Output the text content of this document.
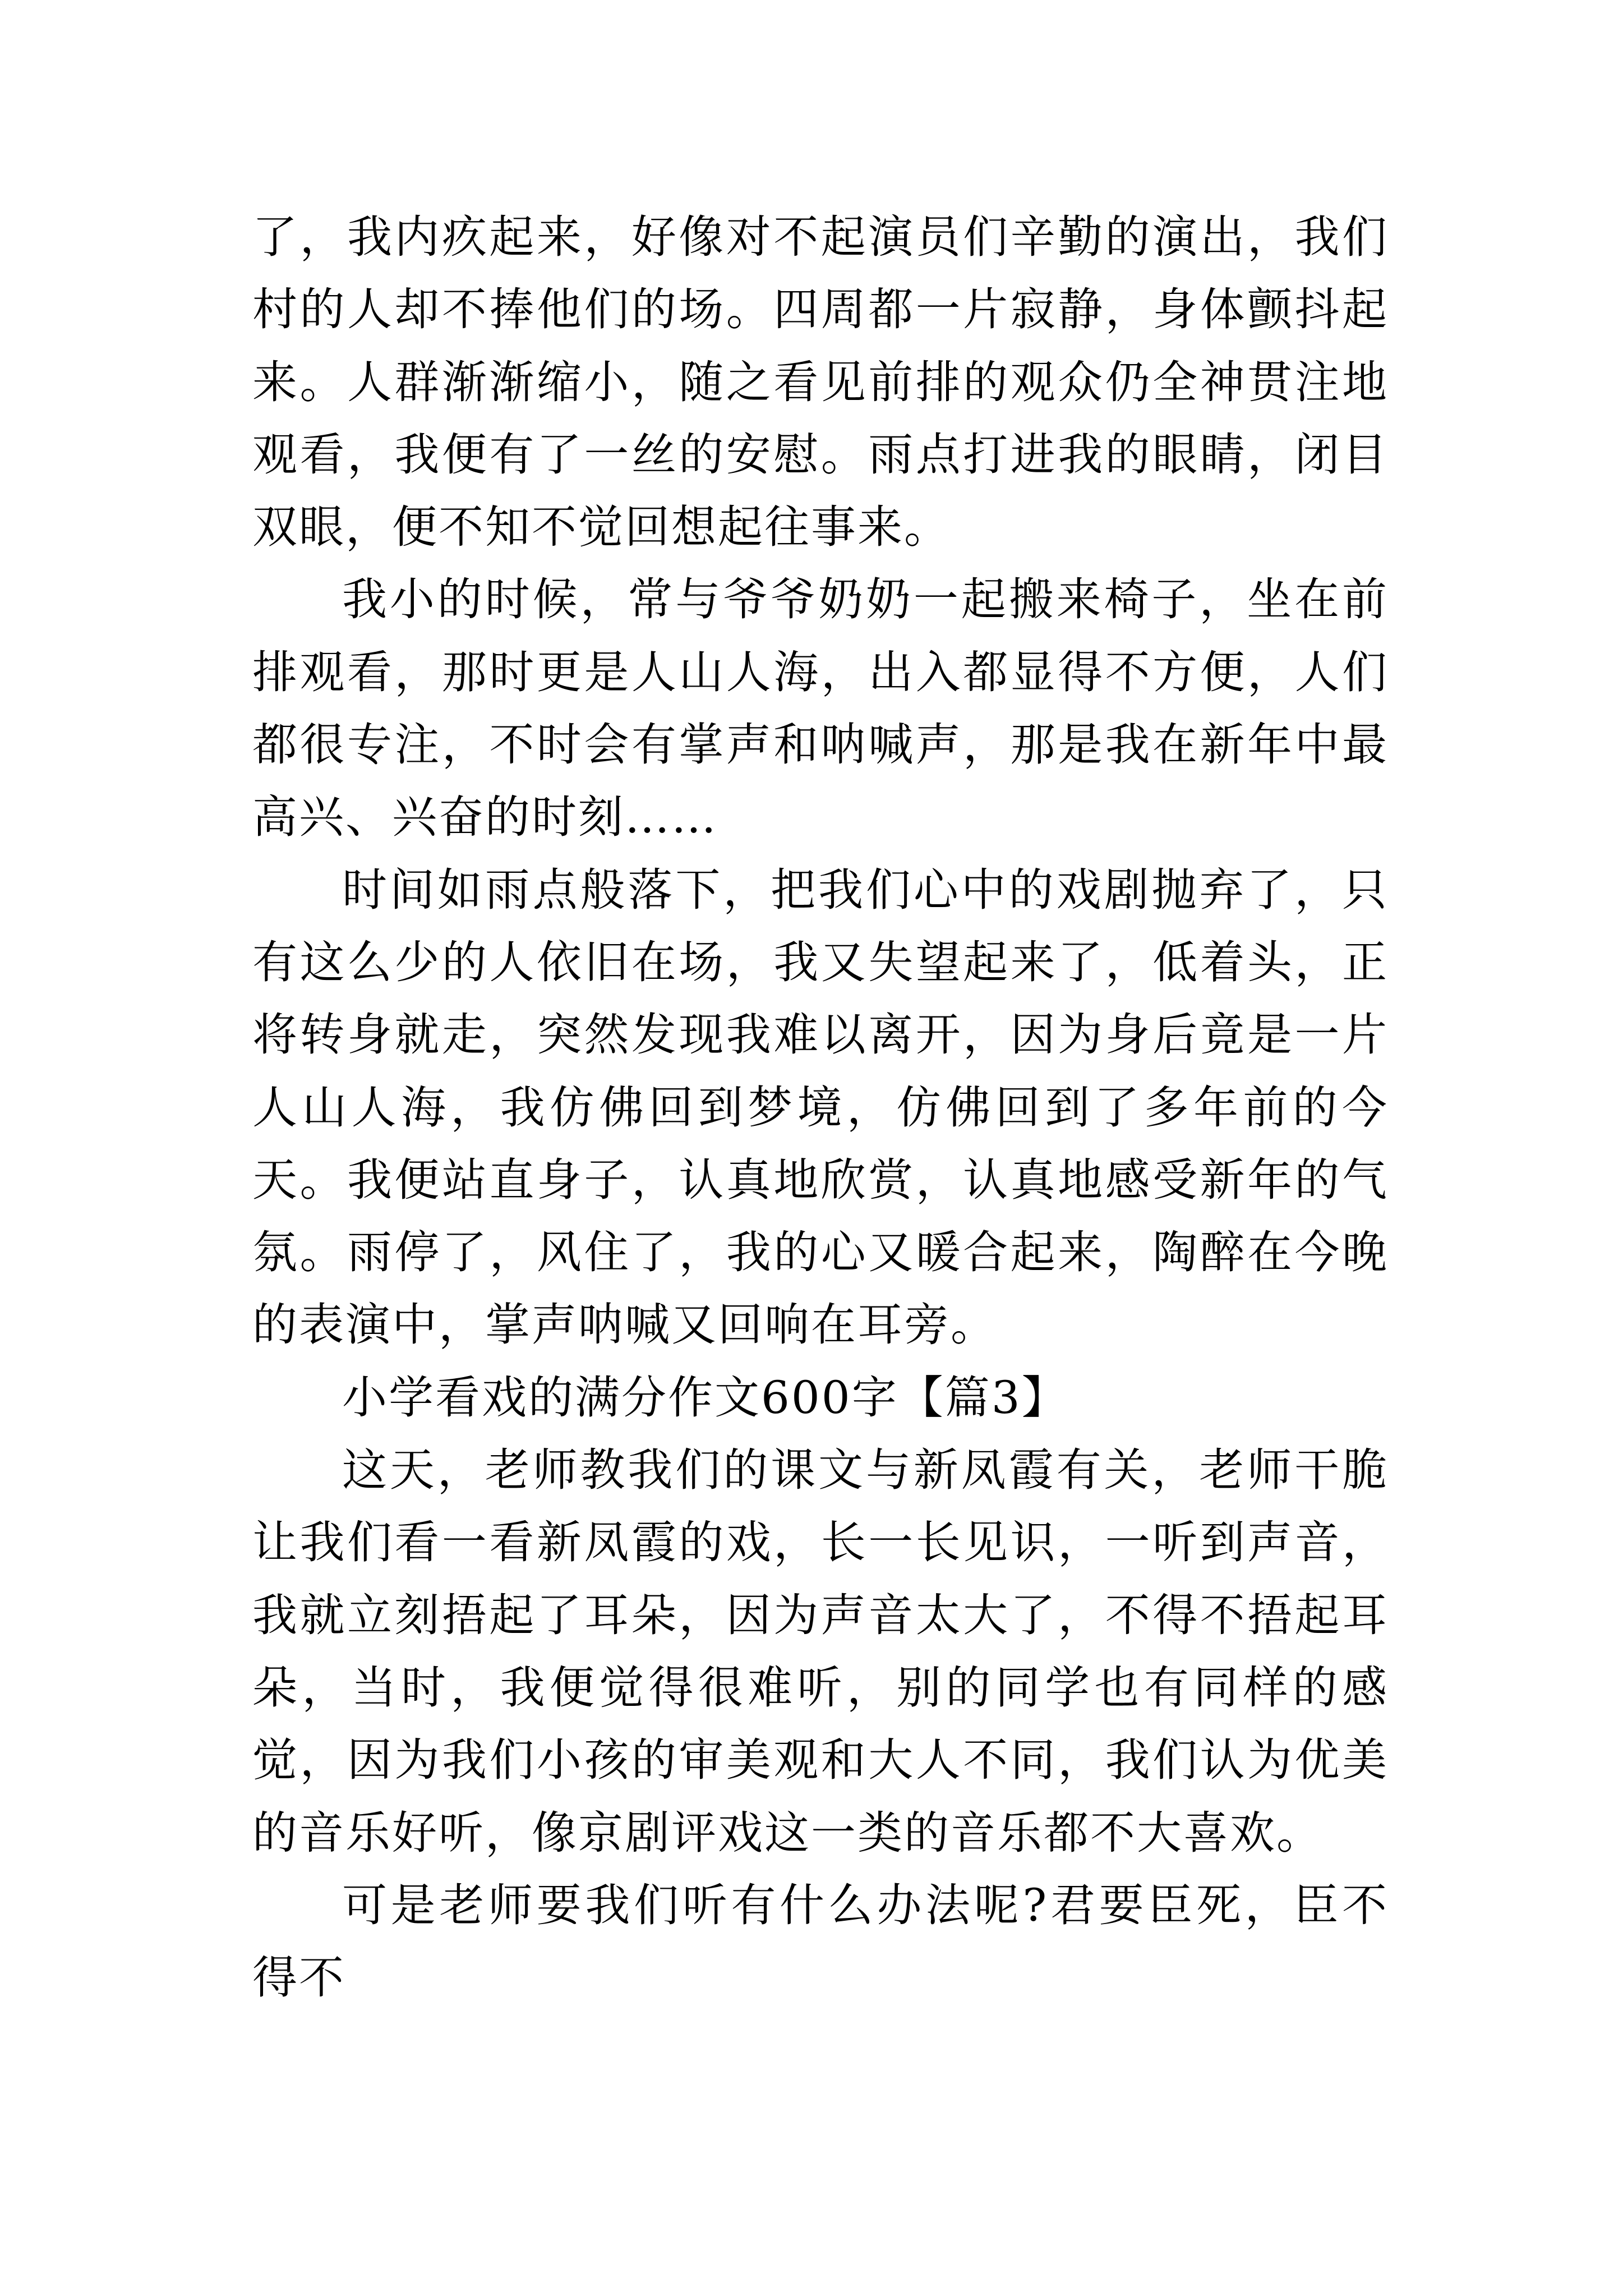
了，我内疚起来，好像对不起演员们辛勤的演出，我们村的人却不捧他们的场。四周都一片寂静，身体颤抖起来。人群渐渐缩小，随之看见前排的观众仍全神贯注地观看，我便有了一丝的安慰。雨点打进我的眼睛，闭目双眼，便不知不觉回想起往事来。

我小的时候，常与爷爷奶奶一起搬来椅子，坐在前排观看，那时更是人山人海，出入都显得不方便，人们都很专注，不时会有掌声和呐喊声，那是我在新年中最高兴、兴奋的时刻……

时间如雨点般落下，把我们心中的戏剧抛弃了，只有这么少的人依旧在场，我又失望起来了，低着头，正将转身就走，突然发现我难以离开，因为身后竟是一片人山人海，我仿佛回到梦境，仿佛回到了多年前的今天。我便站直身子，认真地欣赏，认真地感受新年的气氛。雨停了，风住了，我的心又暖合起来，陶醉在今晚的表演中，掌声呐喊又回响在耳旁。

小学看戏的满分作文600字【篇3】

这天，老师教我们的课文与新凤霞有关，老师干脆让我们看一看新凤霞的戏，长一长见识，一听到声音，我就立刻捂起了耳朵，因为声音太大了，不得不捂起耳朵，当时，我便觉得很难听，别的同学也有同样的感觉，因为我们小孩的审美观和大人不同，我们认为优美的音乐好听，像京剧评戏这一类的音乐都不大喜欢。

可是老师要我们听有什么办法呢?君要臣死，臣不得不
